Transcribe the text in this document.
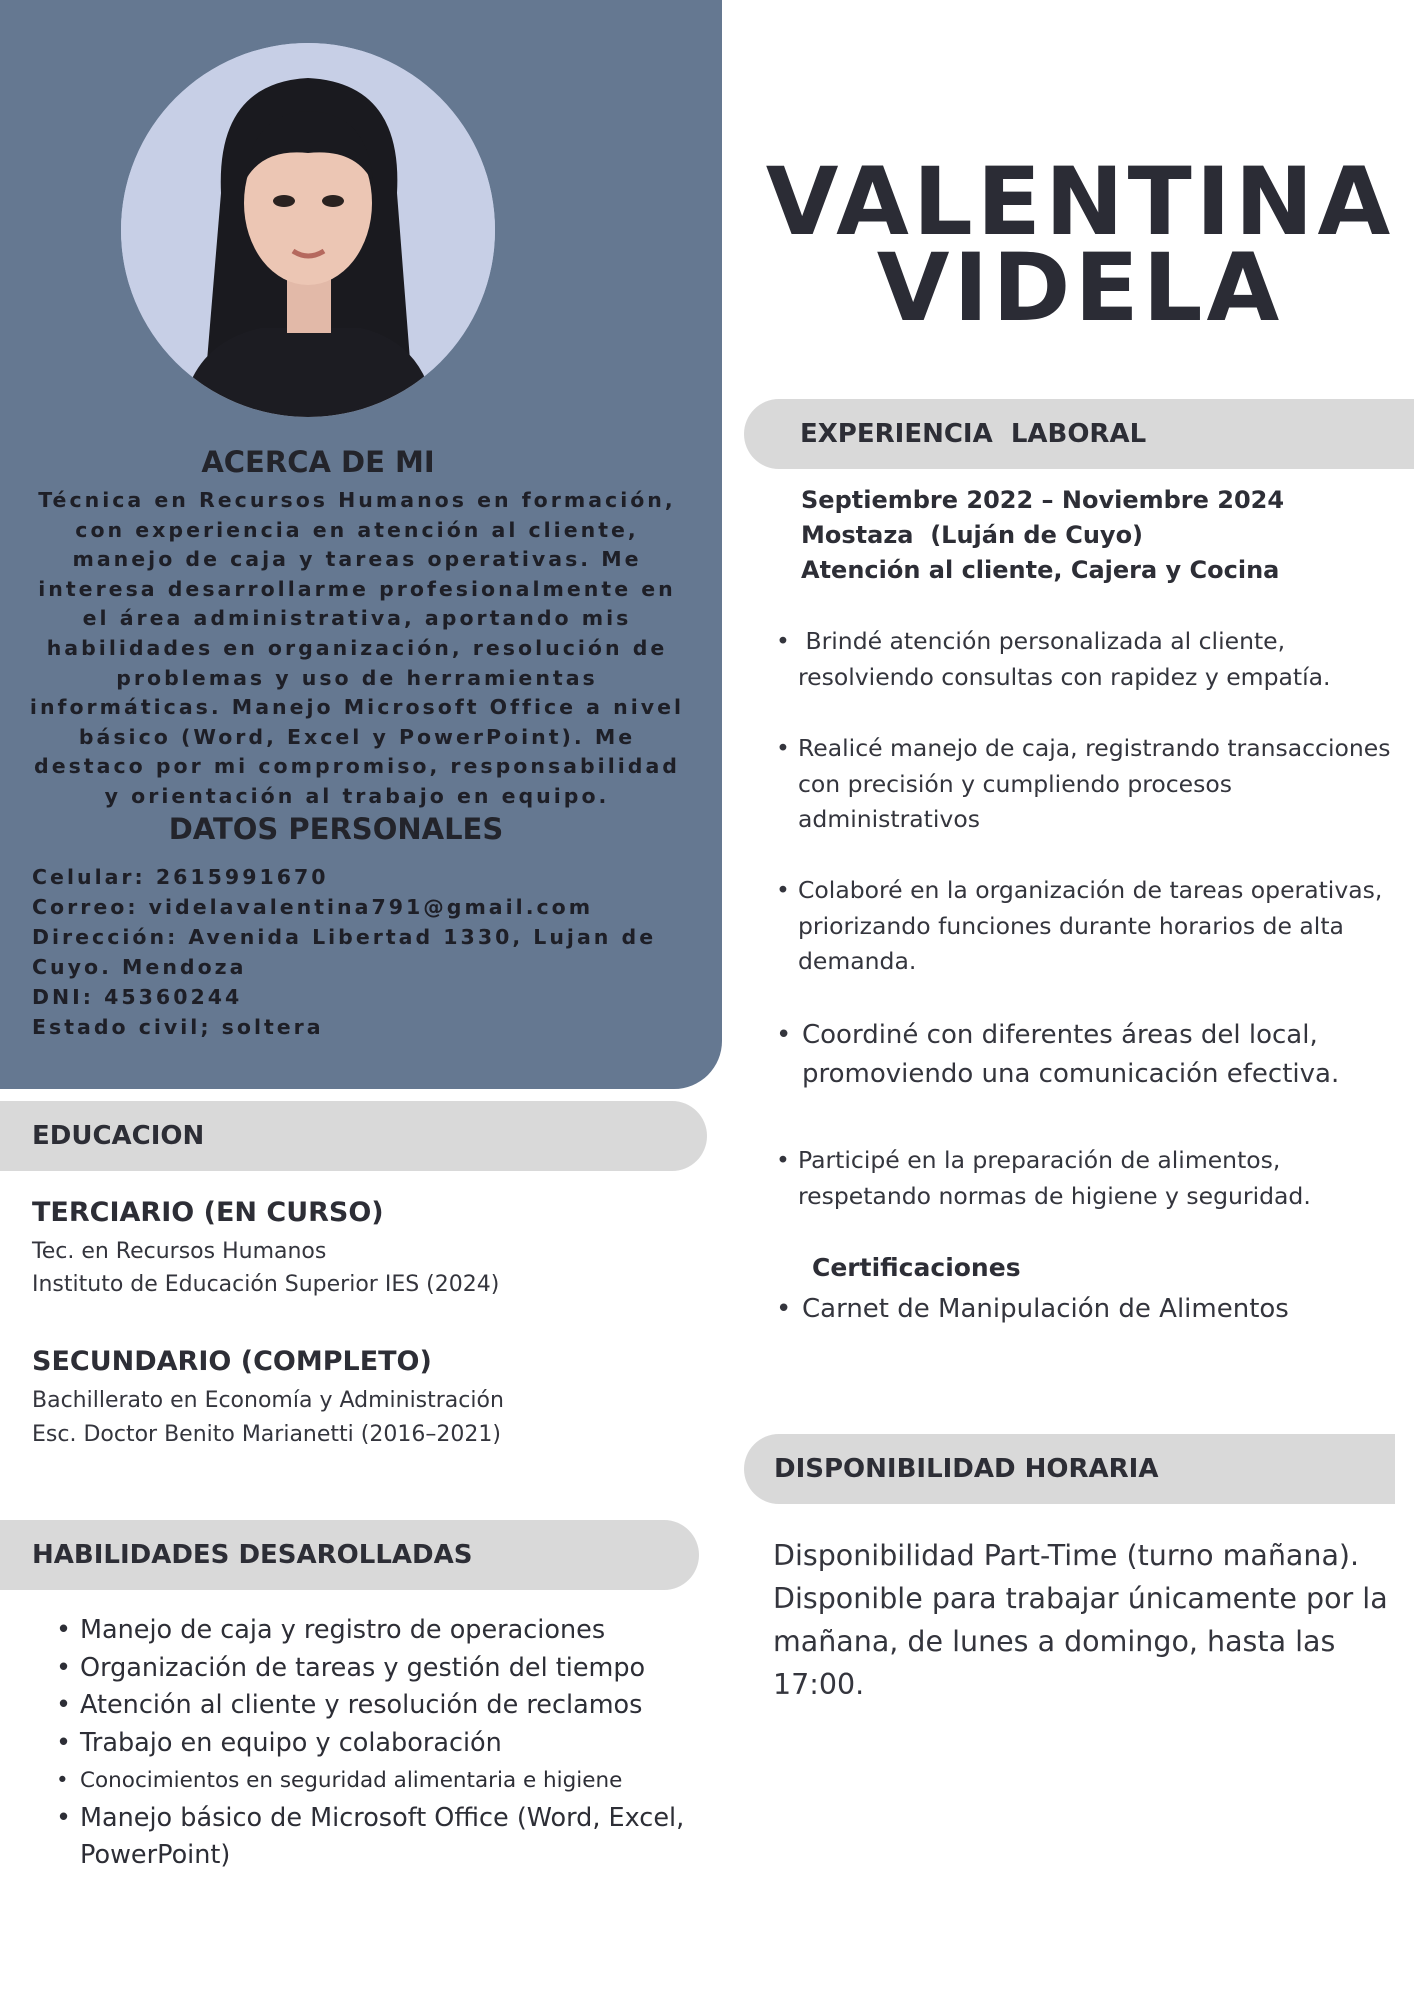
ACERCA DE MI
Técnica en Recursos Humanos en formación, con experiencia en atención al cliente, manejo de caja y tareas operativas. Me interesa desarrollarme profesionalmente en el área administrativa, aportando mis habilidades en organización, resolución de problemas y uso de herramientas informáticas. Manejo Microsoft Office a nivel básico (Word, Excel y PowerPoint). Me destaco por mi compromiso, responsabilidad y orientación al trabajo en equipo.
DATOS PERSONALES
Celular: 2615991670
Correo: videlavalentina791@gmail.com
Dirección: Avenida Libertad 1330, Lujan de
Cuyo. Mendoza
DNI: 45360244
Estado civil; soltera
EDUCACION
TERCIARIO (EN CURSO)
Tec. en Recursos Humanos
Instituto de Educación Superior IES (2024)
SECUNDARIO (COMPLETO)
Bachillerato en Economía y Administración
Esc. Doctor Benito Marianetti (2016–2021)
HABILIDADES DESAROLLADAS
• Manejo de caja y registro de operaciones
• Organización de tareas y gestión del tiempo
• Atención al cliente y resolución de reclamos
• Trabajo en equipo y colaboración
• Conocimientos en seguridad alimentaria e higiene
• Manejo básico de Microsoft Office (Word, Excel, PowerPoint)
VALENTINA
VIDELA
EXPERIENCIA  LABORAL
Septiembre 2022 – Noviembre 2024
Mostaza  (Luján de Cuyo)
Atención al cliente, Cajera y Cocina
• Brindé atención personalizada al cliente, resolviendo consultas con rapidez y empatía.
• Realicé manejo de caja, registrando transacciones con precisión y cumpliendo procesos administrativos
• Colaboré en la organización de tareas operativas, priorizando funciones durante horarios de alta demanda.
• Coordiné con diferentes áreas del local, promoviendo una comunicación efectiva.
• Participé en la preparación de alimentos, respetando normas de higiene y seguridad.
Certificaciones
• Carnet de Manipulación de Alimentos
DISPONIBILIDAD HORARIA
Disponibilidad Part-Time (turno mañana). Disponible para trabajar únicamente por la mañana, de lunes a domingo, hasta las 17:00.
